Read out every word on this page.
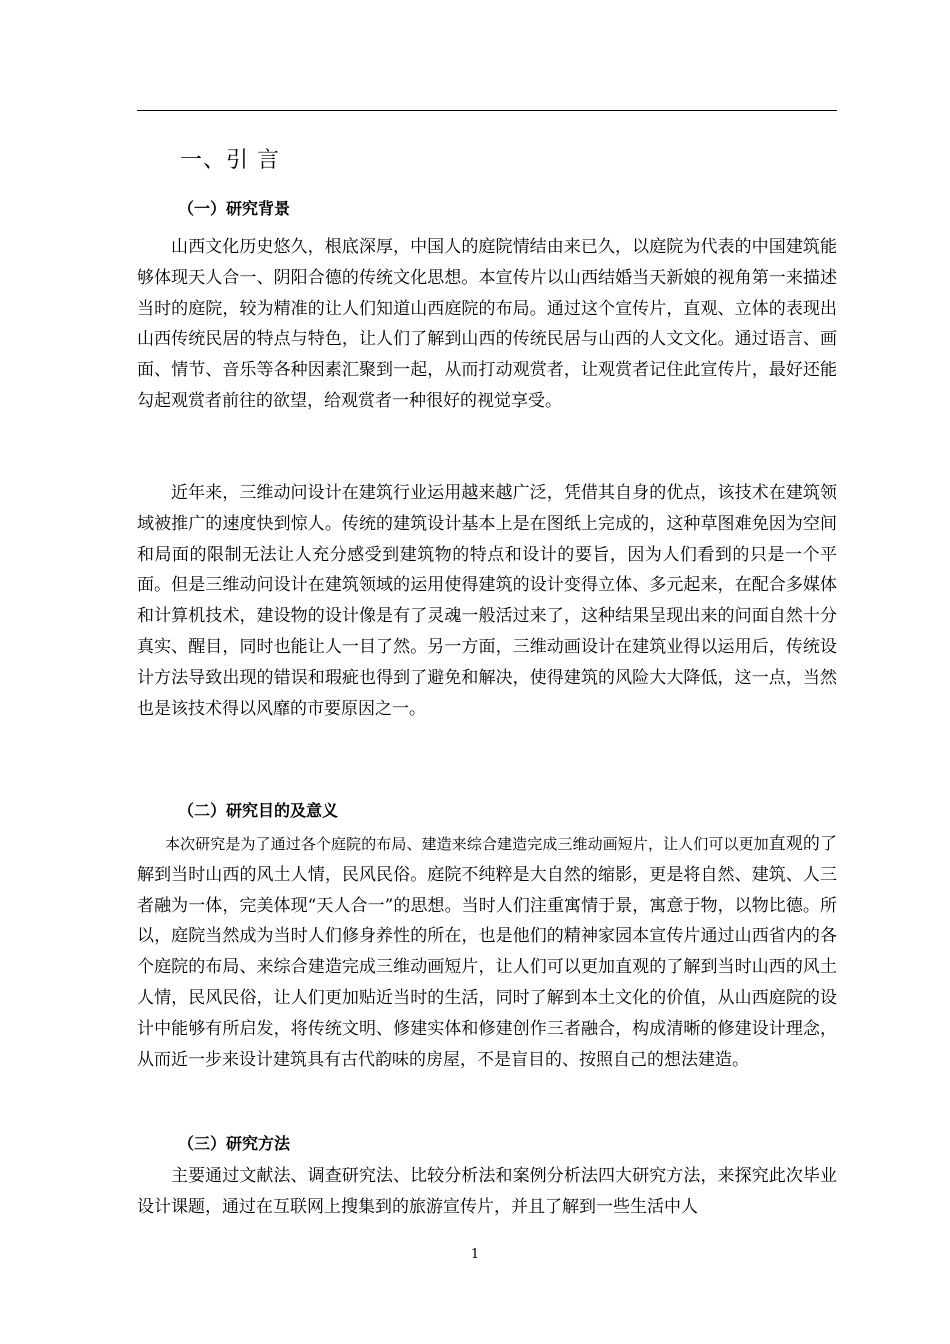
一、引 言
（一）研究背景

山西文化历史悠久，根底深厚，中国人的庭院情结由来已久，以庭院为代表的中国建筑能够体现天人合一、阴阳合德的传统文化思想。本宣传片以山西结婚当天新娘的视角第一来描述当时的庭院，较为精准的让人们知道山西庭院的布局。通过这个宣传片，直观、立体的表现出山西传统民居的特点与特色，让人们了解到山西的传统民居与山西的人文文化。通过语言、画面、情节、音乐等各种因素汇聚到一起，从而打动观赏者，让观赏者记住此宣传片，最好还能勾起观赏者前往的欲望，给观赏者一种很好的视觉享受。

近年来，三维动问设计在建筑行业运用越来越广泛，凭借其自身的优点，该技术在建筑领域被推广的速度快到惊人。传统的建筑设计基本上是在图纸上完成的，这种草图难免因为空间和局面的限制无法让人充分感受到建筑物的特点和设计的要旨，因为人们看到的只是一个平面。但是三维动问设计在建筑领域的运用使得建筑的设计变得立体、多元起来，在配合多媒体和计算机技术，建设物的设计像是有了灵魂一般活过来了，这种结果呈现出来的问面自然十分真实、醒目，同时也能让人一目了然。另一方面，三维动画设计在建筑业得以运用后，传统设计方法导致出现的错误和瑕疵也得到了避免和解决，使得建筑的风险大大降低，这一点，当然也是该技术得以风靡的市要原因之一。

（二）研究目的及意义
本次研究是为了通过各个庭院的布局、建造来综合建造完成三维动画短片，让人们可以更加直观的了解到当时山西的风土人情，民风民俗。庭院不纯粹是大自然的缩影，更是将自然、建筑、人三者融为一体，完美体现“天人合一”的思想。当时人们注重寓情于景，寓意于物，以物比德。所以，庭院当然成为当时人们修身养性的所在，也是他们的精神家园本宣传片通过山西省内的各个庭院的布局、来综合建造完成三维动画短片，让人们可以更加直观的了解到当时山西的风土人情，民风民俗，让人们更加贴近当时的生活，同时了解到本土文化的价值，从山西庭院的设计中能够有所启发，将传统文明、修建实体和修建创作三者融合，构成清晰的修建设计理念，从而近一步来设计建筑具有古代韵味的房屋，不是盲目的、按照自己的想法建造。
（三）研究方法

主要通过文献法、调查研究法、比较分析法和案例分析法四大研究方法，来探究此次毕业设计课题，通过在互联网上搜集到的旅游宣传片，并且了解到一些生活中人

1
